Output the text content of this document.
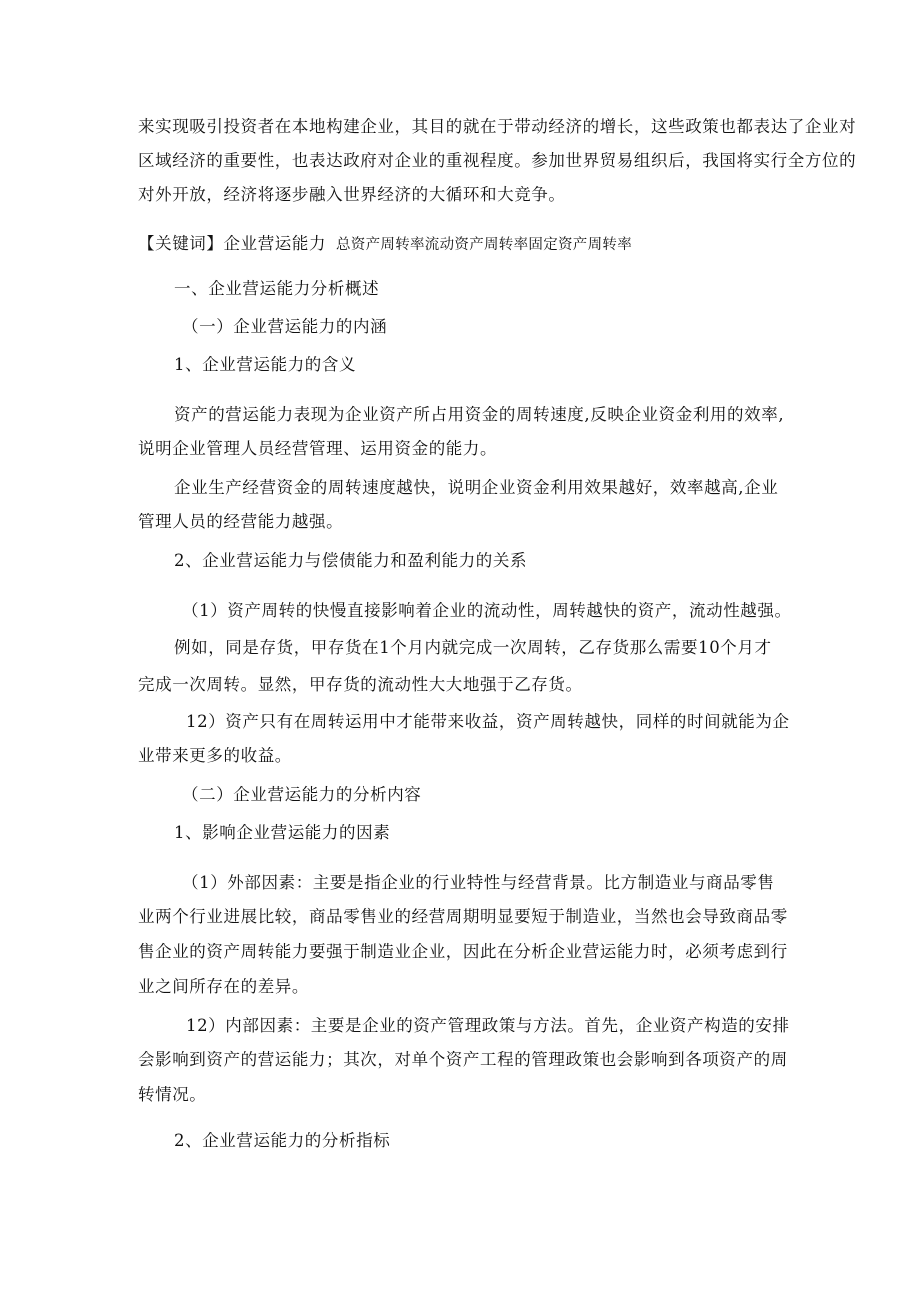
来实现吸引投资者在本地构建企业，其目的就在于带动经济的增长，这些政策也都表达了企业对
区域经济的重要性，也表达政府对企业的重视程度。参加世界贸易组织后，我国将实行全方位的
对外开放，经济将逐步融入世界经济的大循环和大竞争。
【关键词】企业营运能力 总资产周转率流动资产周转率固定资产周转率
一、企业营运能力分析概述
（一）企业营运能力的内涵
1、企业营运能力的含义
资产的营运能力表现为企业资产所占用资金的周转速度,反映企业资金利用的效率,
说明企业管理人员经营管理、运用资金的能力。
企业生产经营资金的周转速度越快，说明企业资金利用效果越好，效率越高,企业
管理人员的经营能力越强。
2、企业营运能力与偿债能力和盈利能力的关系
（1）资产周转的快慢直接影响着企业的流动性，周转越快的资产，流动性越强。
例如，同是存货，甲存货在1个月内就完成一次周转，乙存货那么需要10个月才
完成一次周转。显然，甲存货的流动性大大地强于乙存货。
12）资产只有在周转运用中才能带来收益，资产周转越快，同样的时间就能为企
业带来更多的收益。
（二）企业营运能力的分析内容
1、影响企业营运能力的因素
（1）外部因素：主要是指企业的行业特性与经营背景。比方制造业与商品零售
业两个行业进展比较，商品零售业的经营周期明显要短于制造业，当然也会导致商品零
售企业的资产周转能力要强于制造业企业，因此在分析企业营运能力时，必须考虑到行
业之间所存在的差异。
12）内部因素：主要是企业的资产管理政策与方法。首先，企业资产构造的安排
会影响到资产的营运能力；其次，对单个资产工程的管理政策也会影响到各项资产的周
转情况。
2、企业营运能力的分析指标
